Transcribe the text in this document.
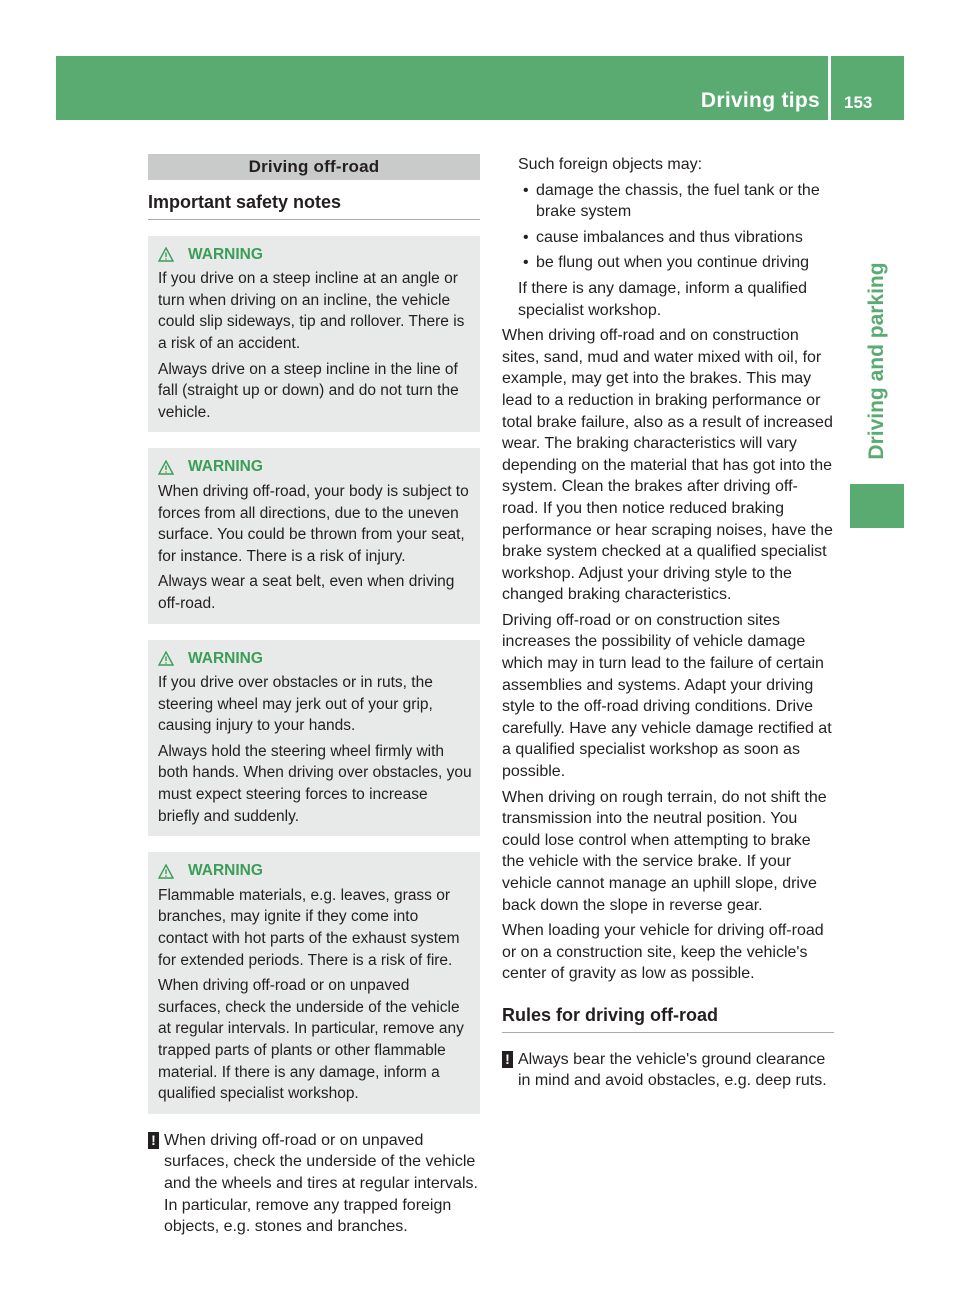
Driving tips 153
Driving and parking
Driving off-road
Important safety notes
WARNING

If you drive on a steep incline at an angle or turn when driving on an incline, the vehicle could slip sideways, tip and rollover. There is a risk of an accident.

Always drive on a steep incline in the line of fall (straight up or down) and do not turn the vehicle.

WARNING

When driving off-road, your body is subject to forces from all directions, due to the uneven surface. You could be thrown from your seat, for instance. There is a risk of injury.

Always wear a seat belt, even when driving off-road.

WARNING

If you drive over obstacles or in ruts, the steering wheel may jerk out of your grip, causing injury to your hands.

Always hold the steering wheel firmly with both hands. When driving over obstacles, you must expect steering forces to increase briefly and suddenly.

WARNING

Flammable materials, e.g. leaves, grass or branches, may ignite if they come into contact with hot parts of the exhaust system for extended periods. There is a risk of fire.

When driving off-road or on unpaved surfaces, check the underside of the vehicle at regular intervals. In particular, remove any trapped parts of plants or other flammable material. If there is any damage, inform a qualified specialist workshop.

! When driving off-road or on unpaved surfaces, check the underside of the vehicle and the wheels and tires at regular intervals. In particular, remove any trapped foreign objects, e.g. stones and branches.

Such foreign objects may:

• damage the chassis, the fuel tank or the brake system
• cause imbalances and thus vibrations
• be flung out when you continue driving

If there is any damage, inform a qualified specialist workshop.

When driving off-road and on construction sites, sand, mud and water mixed with oil, for example, may get into the brakes. This may lead to a reduction in braking performance or total brake failure, also as a result of increased wear. The braking characteristics will vary depending on the material that has got into the system. Clean the brakes after driving off-road. If you then notice reduced braking performance or hear scraping noises, have the brake system checked at a qualified specialist workshop. Adjust your driving style to the changed braking characteristics.

Driving off-road or on construction sites increases the possibility of vehicle damage which may in turn lead to the failure of certain assemblies and systems. Adapt your driving style to the off-road driving conditions. Drive carefully. Have any vehicle damage rectified at a qualified specialist workshop as soon as possible.

When driving on rough terrain, do not shift the transmission into the neutral position. You could lose control when attempting to brake the vehicle with the service brake. If your vehicle cannot manage an uphill slope, drive back down the slope in reverse gear.

When loading your vehicle for driving off-road or on a construction site, keep the vehicle's center of gravity as low as possible.

Rules for driving off-road
! Always bear the vehicle's ground clearance in mind and avoid obstacles, e.g. deep ruts.
